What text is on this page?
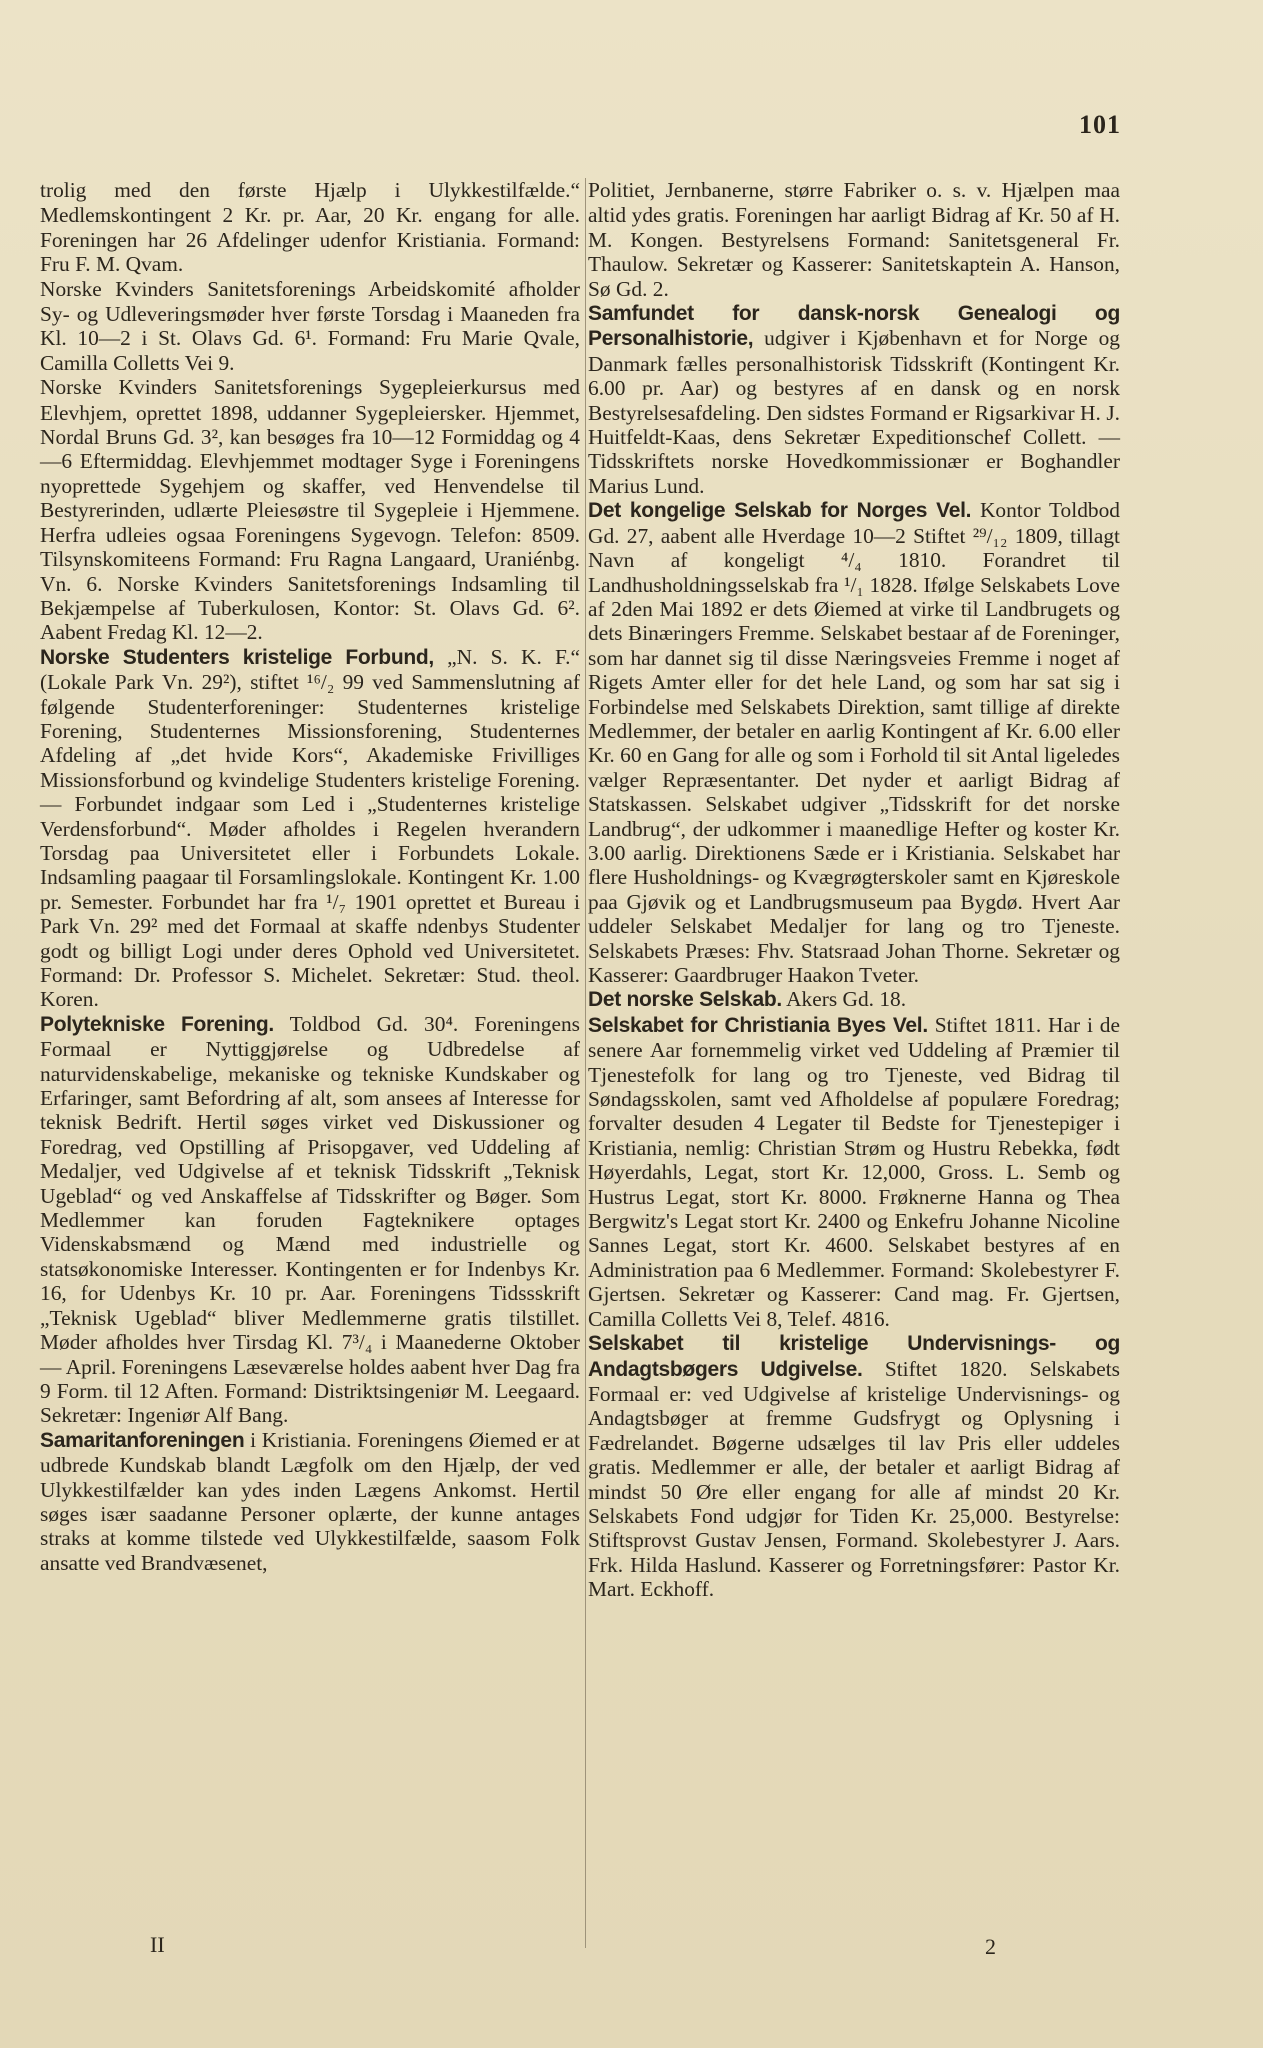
101

trolig med den første Hjælp i Ulykkestilfælde.“ Medlemskontingent 2 Kr. pr. Aar, 20 Kr. engang for alle. Foreningen har 26 Afdelinger udenfor Kristiania. Formand: Fru F. M. Qvam.

Norske Kvinders Sanitetsforenings Arbeidskomité afholder Sy- og Udleveringsmøder hver første Torsdag i Maaneden fra Kl. 10—2 i St. Olavs Gd. 6¹. Formand: Fru Marie Qvale, Camilla Colletts Vei 9.

Norske Kvinders Sanitetsforenings Sygepleierkursus med Elevhjem, oprettet 1898, uddanner Sygepleiersker. Hjemmet, Nordal Bruns Gd. 3², kan besøges fra 10—12 Formiddag og 4—6 Eftermiddag. Elevhjemmet modtager Syge i Foreningens nyoprettede Sygehjem og skaffer, ved Henvendelse til Bestyrerinden, udlærte Pleiesøstre til Sygepleie i Hjemmene. Herfra udleies ogsaa Foreningens Sygevogn. Telefon: 8509. Tilsynskomiteens Formand: Fru Ragna Langaard, Uraniénbg. Vn. 6. Norske Kvinders Sanitetsforenings Indsamling til Bekjæmpelse af Tuberkulosen, Kontor: St. Olavs Gd. 6². Aabent Fredag Kl. 12—2.

Norske Studenters kristelige Forbund, „N. S. K. F.“ (Lokale Park Vn. 29²), stiftet ¹⁶/₂ 99 ved Sammenslutning af følgende Studenterforeninger: Studenternes kristelige Forening, Studenternes Missionsforening, Studenternes Afdeling af „det hvide Kors“, Akademiske Frivilliges Missionsforbund og kvindelige Studenters kristelige Forening. — Forbundet indgaar som Led i „Studenternes kristelige Verdensforbund“. Møder afholdes i Regelen hverandern Torsdag paa Universitetet eller i Forbundets Lokale. Indsamling paagaar til Forsamlingslokale. Kontingent Kr. 1.00 pr. Semester. Forbundet har fra ¹/₇ 1901 oprettet et Bureau i Park Vn. 29² med det Formaal at skaffe ndenbys Studenter godt og billigt Logi under deres Ophold ved Universitetet. Formand: Dr. Professor S. Michelet. Sekretær: Stud. theol. Koren.

Polytekniske Forening. Toldbod Gd. 30⁴. Foreningens Formaal er Nyttiggjørelse og Udbredelse af naturvidenskabelige, mekaniske og tekniske Kundskaber og Erfaringer, samt Befordring af alt, som ansees af Interesse for teknisk Bedrift. Hertil søges virket ved Diskussioner og Foredrag, ved Opstilling af Prisopgaver, ved Uddeling af Medaljer, ved Udgivelse af et teknisk Tidsskrift „Teknisk Ugeblad“ og ved Anskaffelse af Tidsskrifter og Bøger. Som Medlemmer kan foruden Fagteknikere optages Videnskabsmænd og Mænd med industrielle og statsøkonomiske Interesser. Kontingenten er for Indenbys Kr. 16, for Udenbys Kr. 10 pr. Aar. Foreningens Tidssskrift „Teknisk Ugeblad“ bliver Medlemmerne gratis tilstillet. Møder afholdes hver Tirsdag Kl. 7³/₄ i Maanederne Oktober — April. Foreningens Læseværelse holdes aabent hver Dag fra 9 Form. til 12 Aften. Formand: Distriktsingeniør M. Leegaard. Sekretær: Ingeniør Alf Bang.

Samaritanforeningen i Kristiania. Foreningens Øiemed er at udbrede Kundskab blandt Lægfolk om den Hjælp, der ved Ulykkestilfælder kan ydes inden Lægens Ankomst. Hertil søges især saadanne Personer oplærte, der kunne antages straks at komme tilstede ved Ulykkestilfælde, saasom Folk ansatte ved Brandvæsenet,

Politiet, Jernbanerne, større Fabriker o. s. v. Hjælpen maa altid ydes gratis. Foreningen har aarligt Bidrag af Kr. 50 af H. M. Kongen. Bestyrelsens Formand: Sanitetsgeneral Fr. Thaulow. Sekretær og Kasserer: Sanitetskaptein A. Hanson, Sø Gd. 2.

Samfundet for dansk-norsk Genealogi og Personalhistorie, udgiver i Kjøbenhavn et for Norge og Danmark fælles personalhistorisk Tidsskrift (Kontingent Kr. 6.00 pr. Aar) og bestyres af en dansk og en norsk Bestyrelsesafdeling. Den sidstes Formand er Rigsarkivar H. J. Huitfeldt-Kaas, dens Sekretær Expeditionschef Collett. — Tidsskriftets norske Hovedkommissionær er Boghandler Marius Lund.

Det kongelige Selskab for Norges Vel. Kontor Toldbod Gd. 27, aabent alle Hverdage 10—2 Stiftet ²⁹/₁₂ 1809, tillagt Navn af kongeligt ⁴/₄ 1810. Forandret til Landhusholdningsselskab fra ¹/₁ 1828. Ifølge Selskabets Love af 2den Mai 1892 er dets Øiemed at virke til Landbrugets og dets Binæringers Fremme. Selskabet bestaar af de Foreninger, som har dannet sig til disse Næringsveies Fremme i noget af Rigets Amter eller for det hele Land, og som har sat sig i Forbindelse med Selskabets Direktion, samt tillige af direkte Medlemmer, der betaler en aarlig Kontingent af Kr. 6.00 eller Kr. 60 en Gang for alle og som i Forhold til sit Antal ligeledes vælger Repræsentanter. Det nyder et aarligt Bidrag af Statskassen. Selskabet udgiver „Tidsskrift for det norske Landbrug“, der udkommer i maanedlige Hefter og koster Kr. 3.00 aarlig. Direktionens Sæde er i Kristiania. Selskabet har flere Husholdnings- og Kvægrøgterskoler samt en Kjøreskole paa Gjøvik og et Landbrugsmuseum paa Bygdø. Hvert Aar uddeler Selskabet Medaljer for lang og tro Tjeneste. Selskabets Præses: Fhv. Statsraad Johan Thorne. Sekretær og Kasserer: Gaardbruger Haakon Tveter.

Det norske Selskab. Akers Gd. 18.

Selskabet for Christiania Byes Vel. Stiftet 1811. Har i de senere Aar fornemmelig virket ved Uddeling af Præmier til Tjenestefolk for lang og tro Tjeneste, ved Bidrag til Søndagsskolen, samt ved Afholdelse af populære Foredrag; forvalter desuden 4 Legater til Bedste for Tjenestepiger i Kristiania, nemlig: Christian Strøm og Hustru Rebekka, født Høyerdahls, Legat, stort Kr. 12,000, Gross. L. Semb og Hustrus Legat, stort Kr. 8000. Frøknerne Hanna og Thea Bergwitz's Legat stort Kr. 2400 og Enkefru Johanne Nicoline Sannes Legat, stort Kr. 4600. Selskabet bestyres af en Administration paa 6 Medlemmer. Formand: Skolebestyrer F. Gjertsen. Sekretær og Kasserer: Cand mag. Fr. Gjertsen, Camilla Colletts Vei 8, Telef. 4816.

Selskabet til kristelige Undervisnings- og Andagtsbøgers Udgivelse. Stiftet 1820. Selskabets Formaal er: ved Udgivelse af kristelige Undervisnings- og Andagtsbøger at fremme Gudsfrygt og Oplysning i Fædrelandet. Bøgerne udsælges til lav Pris eller uddeles gratis. Medlemmer er alle, der betaler et aarligt Bidrag af mindst 50 Øre eller engang for alle af mindst 20 Kr. Selskabets Fond udgjør for Tiden Kr. 25,000. Bestyrelse: Stiftsprovst Gustav Jensen, Formand. Skolebestyrer J. Aars. Frk. Hilda Haslund. Kasserer og Forretningsfører: Pastor Kr. Mart. Eckhoff.

II	2
